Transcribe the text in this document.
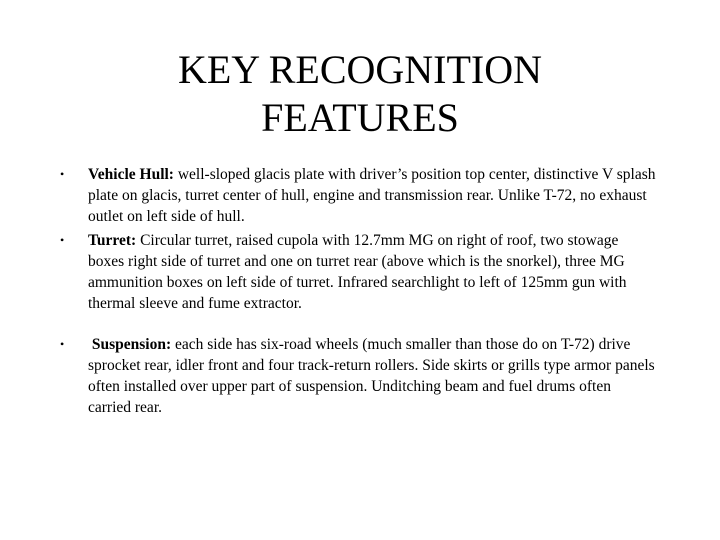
KEY RECOGNITION
FEATURES
• Vehicle Hull: well-sloped glacis plate with driver’s position top center, distinctive V splash plate on glacis, turret center of hull, engine and transmission rear. Unlike T-72, no exhaust outlet on left side of hull.
• Turret: Circular turret, raised cupola with 12.7mm MG on right of roof, two stowage boxes right side of turret and one on turret rear (above which is the snorkel), three MG ammunition boxes on left side of turret. Infrared searchlight to left of 125mm gun with thermal sleeve and fume extractor.
• Suspension: each side has six-road wheels (much smaller than those do on T-72) drive sprocket rear, idler front and four track-return rollers. Side skirts or grills type armor panels often installed over upper part of suspension. Unditching beam and fuel drums often carried rear.
